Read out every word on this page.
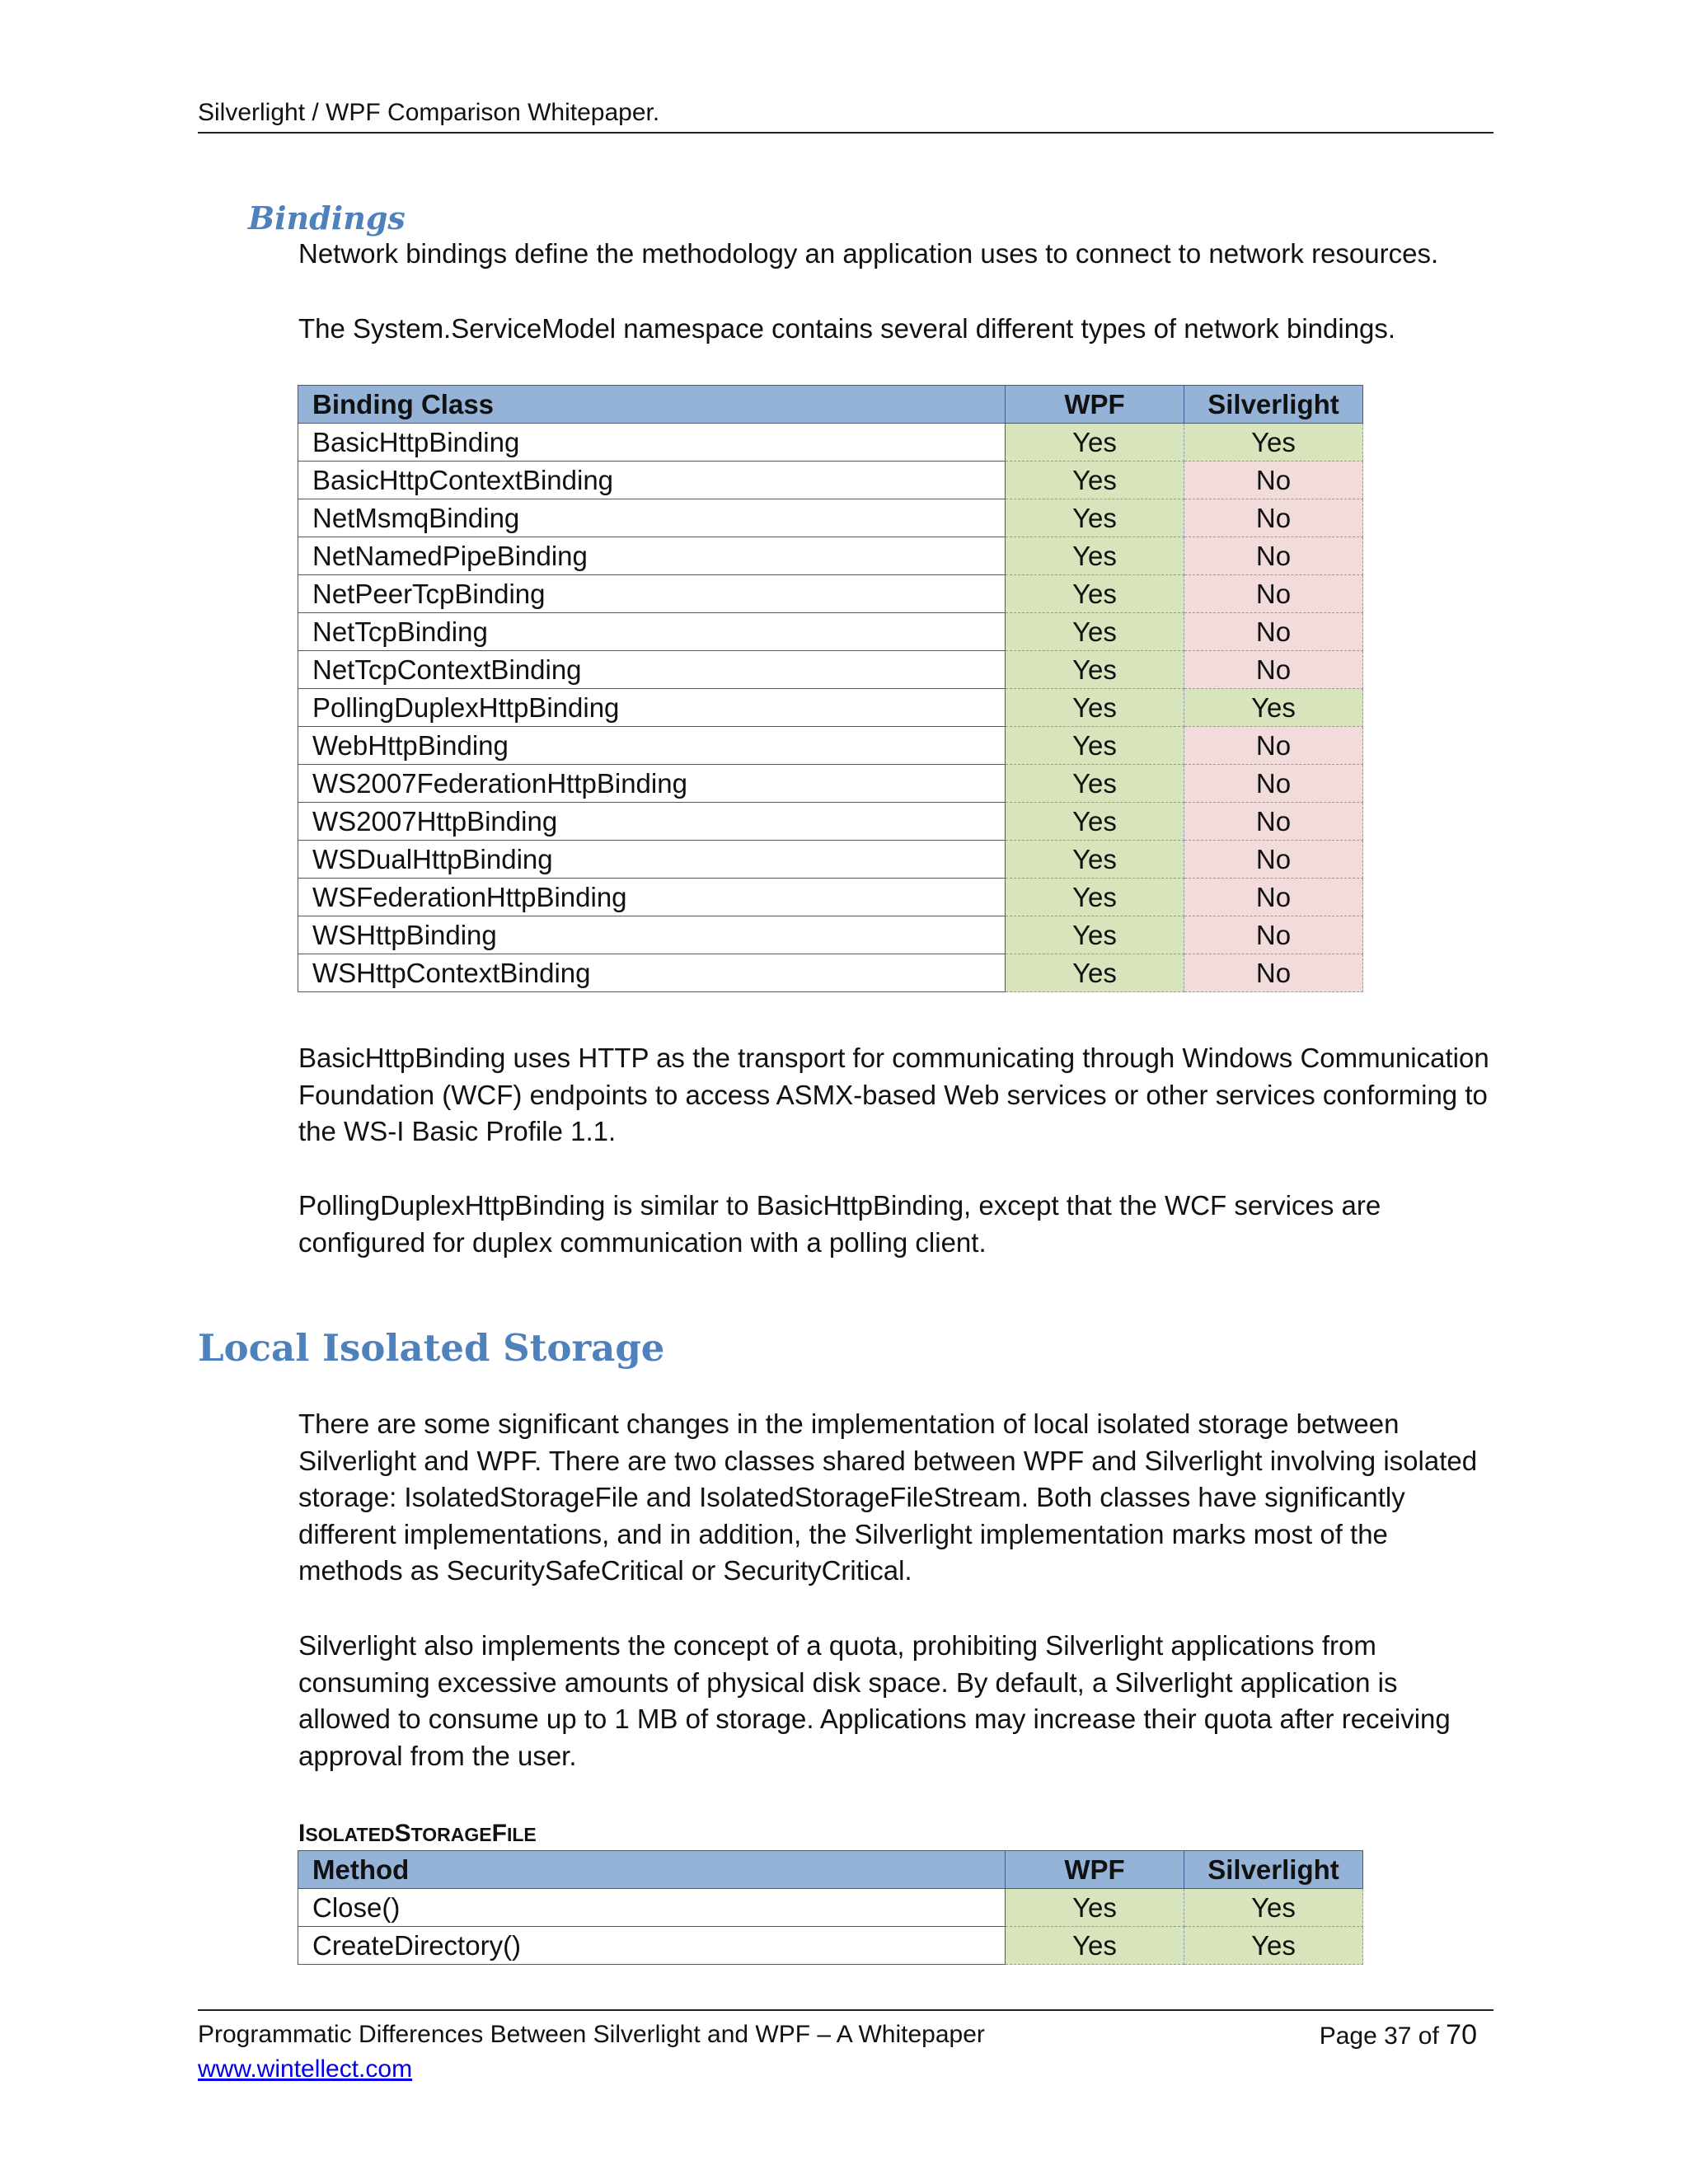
Silverlight / WPF Comparison Whitepaper.
Bindings

Network bindings define the methodology an application uses to connect to network resources.

The System.ServiceModel namespace contains several different types of network bindings.

Binding Class	WPF	Silverlight
BasicHttpBinding	Yes	Yes
BasicHttpContextBinding	Yes	No
NetMsmqBinding	Yes	No
NetNamedPipeBinding	Yes	No
NetPeerTcpBinding	Yes	No
NetTcpBinding	Yes	No
NetTcpContextBinding	Yes	No
PollingDuplexHttpBinding	Yes	Yes
WebHttpBinding	Yes	No
WS2007FederationHttpBinding	Yes	No
WS2007HttpBinding	Yes	No
WSDualHttpBinding	Yes	No
WSFederationHttpBinding	Yes	No
WSHttpBinding	Yes	No
WSHttpContextBinding	Yes	No

BasicHttpBinding uses HTTP as the transport for communicating through Windows Communication Foundation (WCF) endpoints to access ASMX-based Web services or other services conforming to the WS-I Basic Profile 1.1.

PollingDuplexHttpBinding is similar to BasicHttpBinding, except that the WCF services are configured for duplex communication with a polling client.

Local Isolated Storage

There are some significant changes in the implementation of local isolated storage between Silverlight and WPF. There are two classes shared between WPF and Silverlight involving isolated storage: IsolatedStorageFile and IsolatedStorageFileStream. Both classes have significantly different implementations, and in addition, the Silverlight implementation marks most of the methods as SecuritySafeCritical or SecurityCritical.

Silverlight also implements the concept of a quota, prohibiting Silverlight applications from consuming excessive amounts of physical disk space. By default, a Silverlight application is allowed to consume up to 1 MB of storage. Applications may increase their quota after receiving approval from the user.

ISOLATEDSTORAGEFILE
Method	WPF	Silverlight
Close()	Yes	Yes
CreateDirectory()	Yes	Yes
Programmatic Differences Between Silverlight and WPF – A Whitepaper	Page 37 of 70
www.wintellect.com
